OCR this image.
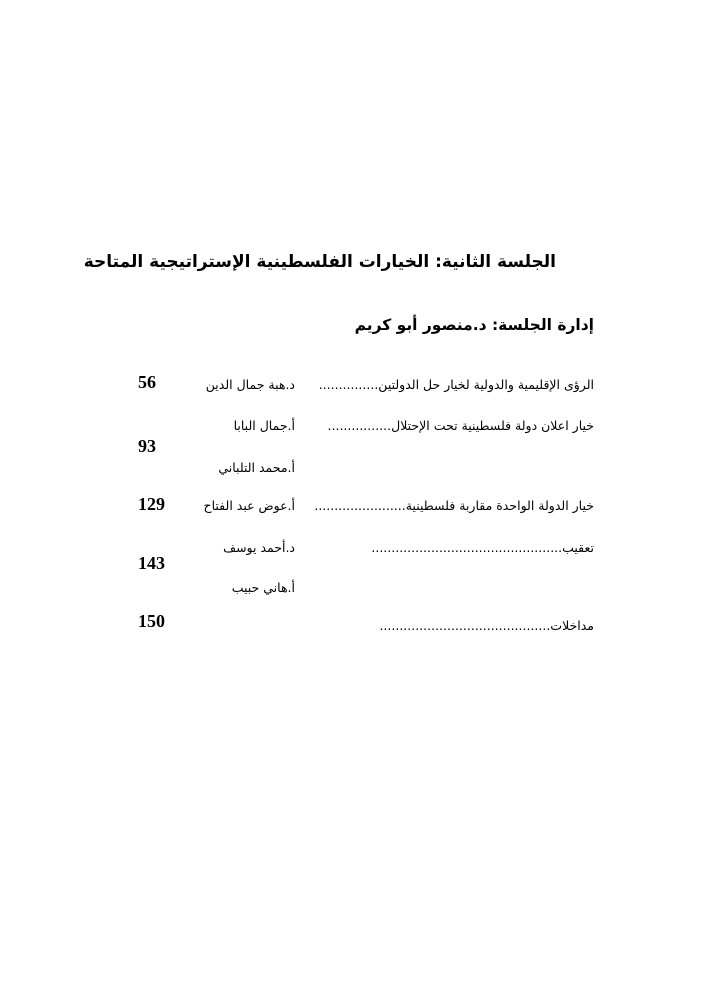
الجلسة الثانية: الخيارات الفلسطينية الإستراتيجية المتاحة
إدارة الجلسة: د.منصور أبو كريم
الرؤى الإقليمية والدولية لخيار حل الدولتين...............
د.هبة جمال الدين
56
خيار اعلان دولة فلسطينية تحت الإحتلال................
أ.جمال البابا
93
أ.محمد التلباني
خيار الدولة الواحدة مقاربة فلسطينية.......................
أ.عوض عبد الفتاح
129
تعقيب................................................
د.أحمد يوسف
143
أ.هاني حبيب
مداخلات...........................................
150
